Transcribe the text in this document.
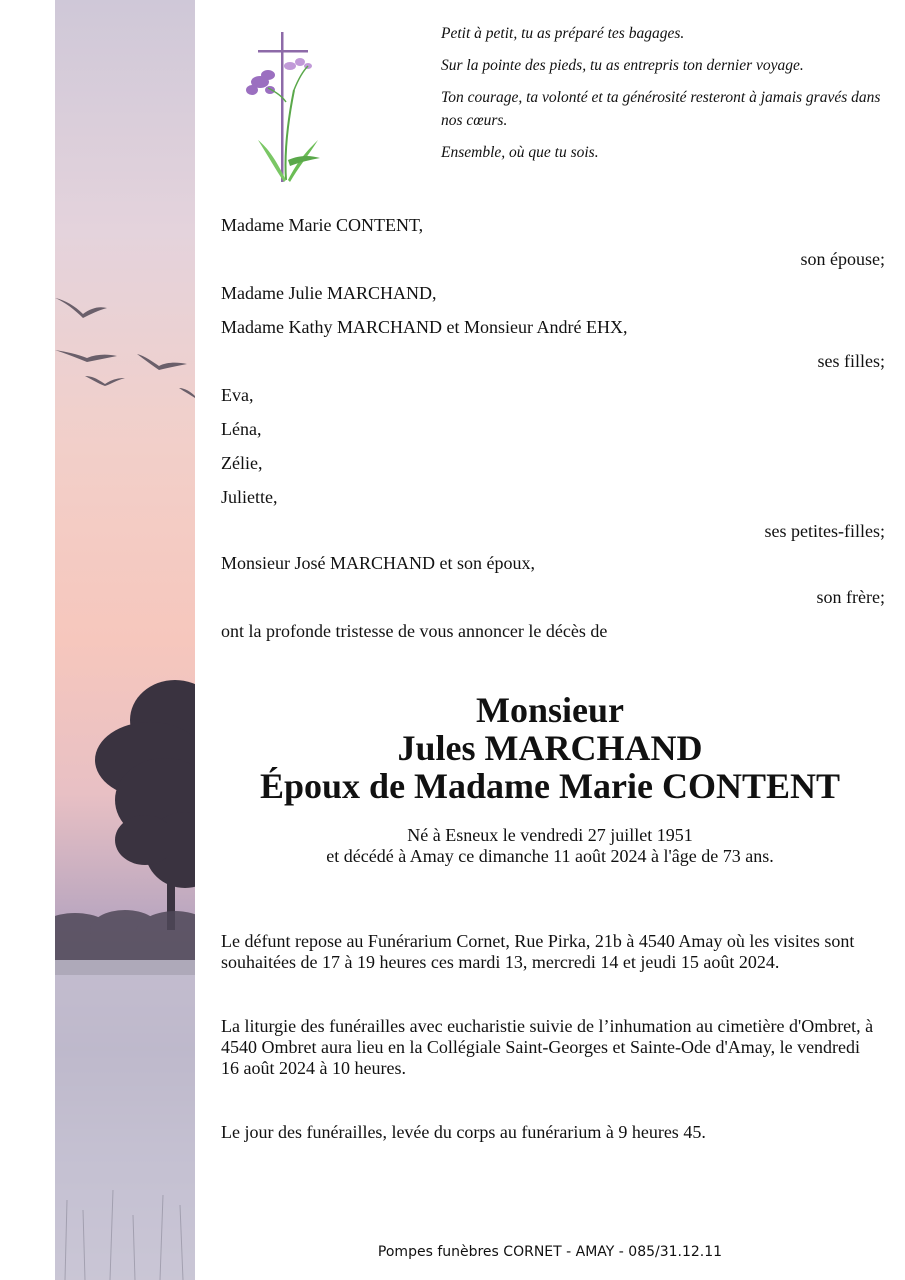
Petit à petit, tu as préparé tes bagages.

Sur la pointe des pieds, tu as entrepris ton dernier voyage.

Ton courage, ta volonté et ta générosité resteront à jamais gravés dans nos cœurs.

Ensemble, où que tu sois.

Madame Marie CONTENT,
son épouse;
Madame Julie MARCHAND,
Madame Kathy MARCHAND et Monsieur André EHX,
ses filles;
Eva,
Léna,
Zélie,
Juliette,
ses petites-filles;
Monsieur José MARCHAND et son époux,
son frère;
ont la profonde tristesse de vous annoncer le décès de
Monsieur
Jules MARCHAND
Époux de Madame Marie CONTENT
Né à Esneux le vendredi 27 juillet 1951
et décédé à Amay ce dimanche 11 août 2024 à l'âge de 73 ans.

Le défunt repose au Funérarium Cornet, Rue Pirka, 21b à 4540 Amay où les visites sont souhaitées de 17 à 19 heures ces mardi 13, mercredi 14 et jeudi 15 août 2024.

La liturgie des funérailles avec eucharistie suivie de l’inhumation au cimetière d'Ombret, à 4540 Ombret aura lieu en la Collégiale Saint-Georges et Sainte-Ode d'Amay, le vendredi 16 août 2024 à 10 heures.

Le jour des funérailles, levée du corps au funérarium à 9 heures 45.

Pompes funèbres CORNET - AMAY - 085/31.12.11
